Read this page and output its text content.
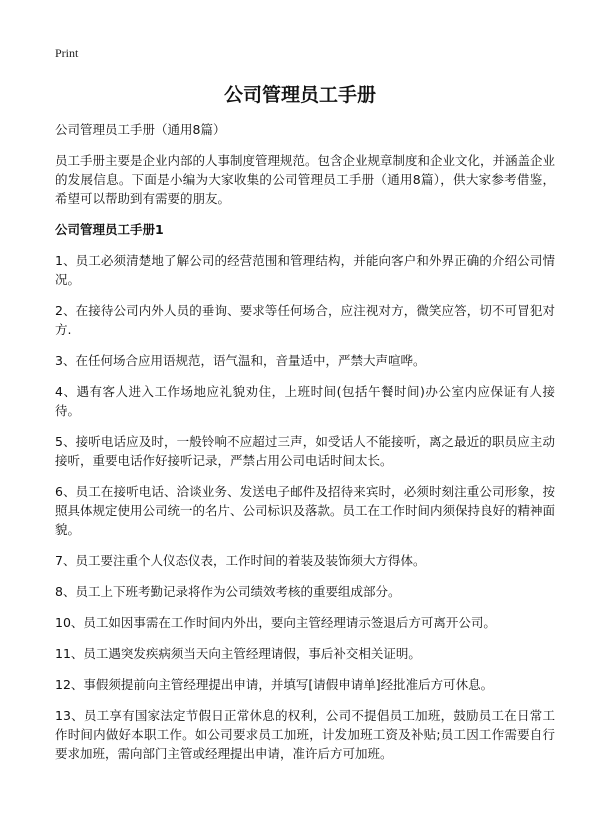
Print
公司管理员工手册

公司管理员工手册（通用8篇）

员工手册主要是企业内部的人事制度管理规范。包含企业规章制度和企业文化，并涵盖企业的发展信息。下面是小编为大家收集的公司管理员工手册（通用8篇），供大家参考借鉴，希望可以帮助到有需要的朋友。

公司管理员工手册1

1、员工必须清楚地了解公司的经营范围和管理结构，并能向客户和外界正确的介绍公司情况。

2、在接待公司内外人员的垂询、要求等任何场合，应注视对方，微笑应答，切不可冒犯对方.

3、在任何场合应用语规范，语气温和，音量适中，严禁大声喧哗。

4、遇有客人进入工作场地应礼貌劝住，上班时间(包括午餐时间)办公室内应保证有人接待。

5、接听电话应及时，一般铃响不应超过三声，如受话人不能接听，离之最近的职员应主动接听，重要电话作好接听记录，严禁占用公司电话时间太长。

6、员工在接听电话、洽谈业务、发送电子邮件及招待来宾时，必须时刻注重公司形象，按照具体规定使用公司统一的名片、公司标识及落款。员工在工作时间内须保持良好的精神面貌。

7、员工要注重个人仪态仪表，工作时间的着装及装饰须大方得体。

8、员工上下班考勤记录将作为公司绩效考核的重要组成部分。

10、员工如因事需在工作时间内外出，要向主管经理请示签退后方可离开公司。

11、员工遇突发疾病须当天向主管经理请假，事后补交相关证明。

12、事假须提前向主管经理提出申请，并填写[请假申请单]经批准后方可休息。

13、员工享有国家法定节假日正常休息的权利，公司不提倡员工加班，鼓励员工在日常工作时间内做好本职工作。如公司要求员工加班，计发加班工资及补贴;员工因工作需要自行要求加班，需向部门主管或经理提出申请，准许后方可加班。
